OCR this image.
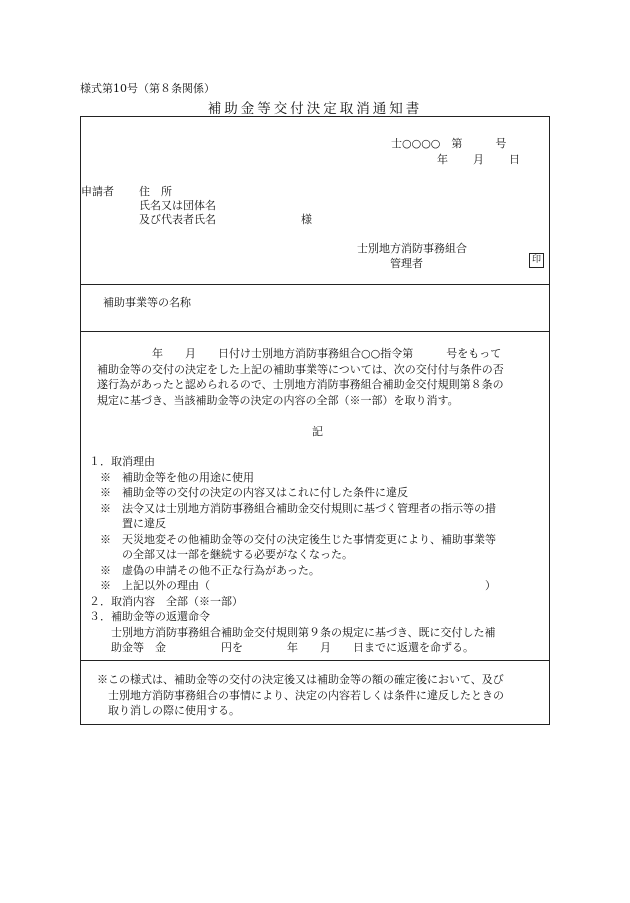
様式第10号（第８条関係）
補助金等交付決定取消通知書
士○○○○　第　　　号
年　　月　　日
申請者 住　所
氏名又は団体名
及び代表者氏名	様
士別地方消防事務組合
管理者	印
補助事業等の名称
　　　　　年　　月　　日付け士別地方消防事務組合○○指令第　　　号をもって
補助金等の交付の決定をした上記の補助事業等については、次の交付付与条件の否
遂行為があったと認められるので、士別地方消防事務組合補助金交付規則第８条の
規定に基づき、当該補助金等の決定の内容の全部（※一部）を取り消す。
記
１．取消理由
　※　補助金等を他の用途に使用
　※　補助金等の交付の決定の内容又はこれに付した条件に違反
　※　法令又は士別地方消防事務組合補助金交付規則に基づく管理者の指示等の措
　　　置に違反
　※　天災地変その他補助金等の交付の決定後生じた事情変更により、補助事業等
　　　の全部又は一部を継続する必要がなくなった。
　※　虚偽の申請その他不正な行為があった。
　※　上記以外の理由（　　　　　　　　　　　　　　　　　　　　　　　　　）
２．取消内容　全部（※一部）
３．補助金等の返還命令
　　士別地方消防事務組合補助金交付規則第９条の規定に基づき、既に交付した補
　　助金等　金　　　　　円を　　　　年　　月　　日までに返還を命ずる。
※この様式は、補助金等の交付の決定後又は補助金等の額の確定後において、及び
　士別地方消防事務組合の事情により、決定の内容若しくは条件に違反したときの
　取り消しの際に使用する。
